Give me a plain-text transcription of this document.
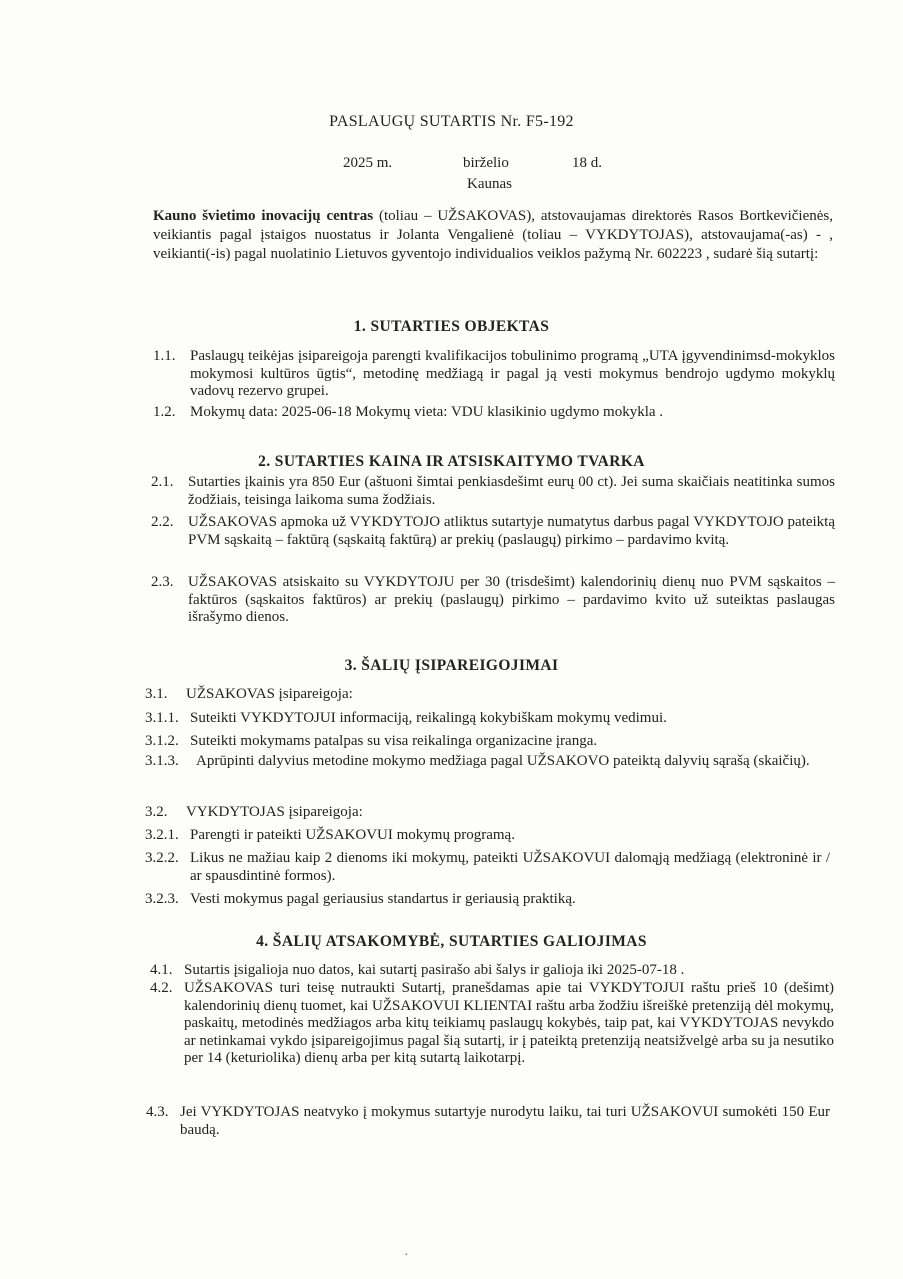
PASLAUGŲ SUTARTIS Nr. F5-192
2025 m.	birželio	18 d.
Kaunas
Kauno švietimo inovacijų centras (toliau – UŽSAKOVAS), atstovaujamas direktorės Rasos Bortkevičienės, veikiantis pagal įstaigos nuostatus ir Jolanta Vengalienė (toliau – VYKDYTOJAS), atstovaujama(-as) - , veikianti(-is) pagal nuolatinio Lietuvos gyventojo individualios veiklos pažymą Nr. 602223 , sudarė šią sutartį:
1. SUTARTIES OBJEKTAS
1.1. Paslaugų teikėjas įsipareigoja parengti kvalifikacijos tobulinimo programą „UTA įgyvendinimsd-mokyklos mokymosi kultūros ūgtis“, metodinę medžiagą ir pagal ją vesti mokymus bendrojo ugdymo mokyklų vadovų rezervo grupei.
1.2. Mokymų data: 2025-06-18 Mokymų vieta: VDU klasikinio ugdymo mokykla .
2. SUTARTIES KAINA IR ATSISKAITYMO TVARKA
2.1. Sutarties įkainis yra 850 Eur (aštuoni šimtai penkiasdešimt eurų 00 ct). Jei suma skaičiais neatitinka sumos žodžiais, teisinga laikoma suma žodžiais.
2.2. UŽSAKOVAS apmoka už VYKDYTOJO atliktus sutartyje numatytus darbus pagal VYKDYTOJO pateiktą PVM sąskaitą – faktūrą (sąskaitą faktūrą) ar prekių (paslaugų) pirkimo – pardavimo kvitą.
2.3. UŽSAKOVAS atsiskaito su VYKDYTOJU per 30 (trisdešimt) kalendorinių dienų nuo PVM sąskaitos – faktūros (sąskaitos faktūros) ar prekių (paslaugų) pirkimo – pardavimo kvito už suteiktas paslaugas išrašymo dienos.
3. ŠALIŲ ĮSIPAREIGOJIMAI
3.1. UŽSAKOVAS įsipareigoja:
3.1.1. Suteikti VYKDYTOJUI informaciją, reikalingą kokybiškam mokymų vedimui.
3.1.2. Suteikti mokymams patalpas su visa reikalinga organizacine įranga.
3.1.3.	Aprūpinti dalyvius metodine mokymo medžiaga pagal UŽSAKOVO pateiktą dalyvių sąrašą (skaičių).
3.2. VYKDYTOJAS įsipareigoja:
3.2.1. Parengti ir pateikti UŽSAKOVUI mokymų programą.
3.2.2. Likus ne mažiau kaip 2 dienoms iki mokymų, pateikti UŽSAKOVUI dalomąją medžiagą (elektroninė ir / ar spausdintinė formos).
3.2.3. Vesti mokymus pagal geriausius standartus ir geriausią praktiką.
4. ŠALIŲ ATSAKOMYBĖ, SUTARTIES GALIOJIMAS
4.1. Sutartis įsigalioja nuo datos, kai sutartį pasirašo abi šalys ir galioja iki 2025-07-18 .
4.2. UŽSAKOVAS turi teisę nutraukti Sutartį, pranešdamas apie tai VYKDYTOJUI raštu prieš 10 (dešimt) kalendorinių dienų tuomet, kai UŽSAKOVUI KLIENTAI raštu arba žodžiu išreiškė pretenziją dėl mokymų, paskaitų, metodinės medžiagos arba kitų teikiamų paslaugų kokybės, taip pat, kai VYKDYTOJAS nevykdo ar netinkamai vykdo įsipareigojimus pagal šią sutartį, ir į pateiktą pretenziją neatsižvelgė arba su ja nesutiko per 14 (keturiolika) dienų arba per kitą sutartą laikotarpį.
4.3. Jei VYKDYTOJAS neatvyko į mokymus sutartyje nurodytu laiku, tai turi UŽSAKOVUI sumokėti 150 Eur baudą.
·
